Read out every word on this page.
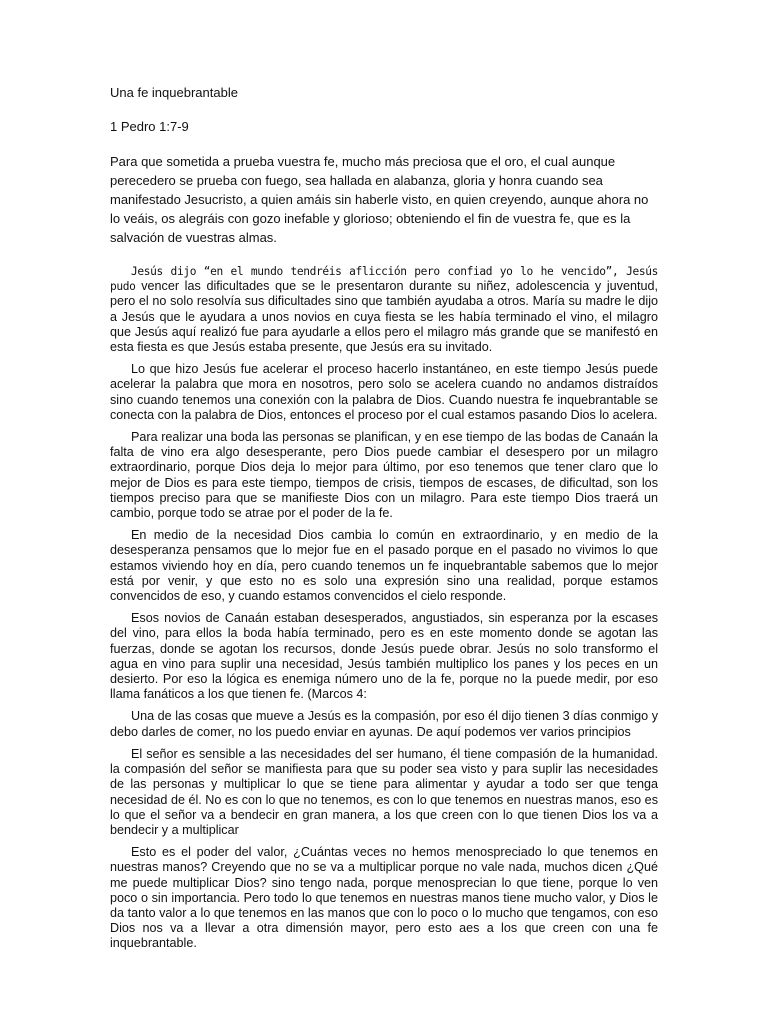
Una fe inquebrantable
1 Pedro 1:7-9
Para que sometida a prueba vuestra fe, mucho más preciosa que el oro, el cual aunque perecedero se prueba con fuego, sea hallada en alabanza, gloria y honra cuando sea manifestado Jesucristo, a quien amáis sin haberle visto, en quien creyendo, aunque ahora no lo veáis, os alegráis con gozo inefable y glorioso; obteniendo el fin de vuestra fe, que es la salvación de vuestras almas.

Jesús dijo “en el mundo tendréis aflicción pero confiad yo lo he vencido”, Jesús pudo vencer las dificultades que se le presentaron durante su niñez, adolescencia y juventud, pero el no solo resolvía sus dificultades sino que también ayudaba a otros. María su madre le dijo a Jesús que le ayudara a unos novios en cuya fiesta se les había terminado el vino, el milagro que Jesús aquí realizó fue para ayudarle a ellos pero el milagro más grande que se manifestó en esta fiesta es que Jesús estaba presente, que Jesús era su invitado.

Lo que hizo Jesús fue acelerar el proceso hacerlo instantáneo, en este tiempo Jesús puede acelerar la palabra que mora en nosotros, pero solo se acelera cuando no andamos distraídos sino cuando tenemos una conexión con la palabra de Dios. Cuando nuestra fe inquebrantable se conecta con la palabra de Dios, entonces el proceso por el cual estamos pasando Dios lo acelera.

Para realizar una boda las personas se planifican, y en ese tiempo de las bodas de Canaán la falta de vino era algo desesperante, pero Dios puede cambiar el desespero por un milagro extraordinario, porque Dios deja lo mejor para último, por eso tenemos que tener claro que lo mejor de Dios es para este tiempo, tiempos de crisis, tiempos de escases, de dificultad, son los tiempos preciso para que se manifieste Dios con un milagro. Para este tiempo Dios traerá un cambio, porque todo se atrae por el poder de la fe.

En medio de la necesidad Dios cambia lo común en extraordinario, y en medio de la desesperanza pensamos que lo mejor fue en el pasado porque en el pasado no vivimos lo que estamos viviendo hoy en día, pero cuando tenemos un fe inquebrantable sabemos que lo mejor está por venir, y que esto no es solo una expresión sino una realidad, porque estamos convencidos de eso, y cuando estamos convencidos el cielo responde.

Esos novios de Canaán estaban desesperados, angustiados, sin esperanza por la escases del vino, para ellos la boda había terminado, pero es en este momento donde se agotan las fuerzas, donde se agotan los recursos, donde Jesús puede obrar. Jesús no solo transformo el agua en vino para suplir una necesidad, Jesús también multiplico los panes y los peces en un desierto. Por eso la lógica es enemiga número uno de la fe, porque no la puede medir, por eso llama fanáticos a los que tienen fe. (Marcos 4:

Una de las cosas que mueve a Jesús es la compasión, por eso él dijo tienen 3 días conmigo y debo darles de comer, no los puedo enviar en ayunas. De aquí podemos ver varios principios

El señor es sensible a las necesidades del ser humano, él tiene compasión de la humanidad. la compasión del señor se manifiesta para que su poder sea visto y para suplir las necesidades de las personas y multiplicar lo que se tiene para alimentar y ayudar a todo ser que tenga necesidad de él. No es con lo que no tenemos, es con lo que tenemos en nuestras manos, eso es lo que el señor va a bendecir en gran manera, a los que creen con lo que tienen Dios los va a bendecir y a multiplicar

Esto es el poder del valor, ¿Cuántas veces no hemos menospreciado lo que tenemos en nuestras manos? Creyendo que no se va a multiplicar porque no vale nada, muchos dicen ¿Qué me puede multiplicar Dios? sino tengo nada, porque menosprecian lo que tiene, porque lo ven poco o sin importancia. Pero todo lo que tenemos en nuestras manos tiene mucho valor, y Dios le da tanto valor a lo que tenemos en las manos que con lo poco o lo mucho que tengamos, con eso Dios nos va a llevar a otra dimensión mayor, pero esto aes a los que creen con una fe inquebrantable.
